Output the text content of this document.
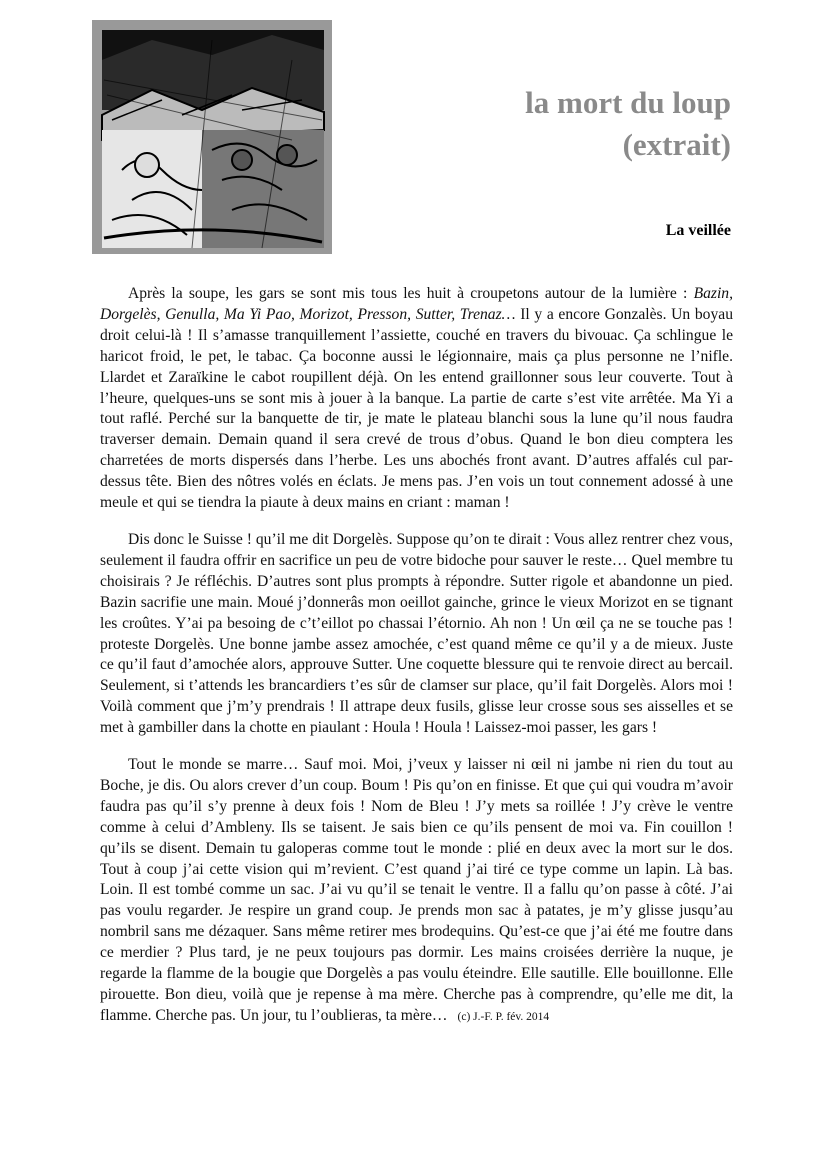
la mort du loup
(extrait)
La veillée

Après la soupe, les gars se sont mis tous les huit à croupetons autour de la lumière : Bazin, Dorgelès, Genulla, Ma Yi Pao, Morizot, Presson, Sutter, Trenaz… Il y a encore Gonzalès. Un boyau droit celui-là ! Il s’amasse tranquillement l’assiette, couché en travers du bivouac. Ça schlingue le haricot froid, le pet, le tabac. Ça boconne aussi le légionnaire, mais ça plus personne ne l’nifle. Llardet et Zaraïkine le cabot roupillent déjà. On les entend graillonner sous leur couverte. Tout à l’heure, quelques-uns se sont mis à jouer à la banque. La partie de carte s’est vite arrêtée. Ma Yi a tout raflé. Perché sur la banquette de tir, je mate le plateau blanchi sous la lune qu’il nous faudra traverser demain. Demain quand il sera crevé de trous d’obus. Quand le bon dieu comptera les charretées de morts dispersés dans l’herbe. Les uns abochés front avant. D’autres affalés cul par-dessus tête. Bien des nôtres volés en éclats. Je mens pas. J’en vois un tout connement adossé à une meule et qui se tiendra la piaute à deux mains en criant : maman !

Dis donc le Suisse ! qu’il me dit Dorgelès. Suppose qu’on te dirait : Vous allez rentrer chez vous, seulement il faudra offrir en sacrifice un peu de votre bidoche pour sauver le reste… Quel membre tu choisirais ? Je réfléchis. D’autres sont plus prompts à répondre. Sutter rigole et abandonne un pied. Bazin sacrifie une main. Moué j’donnerâs mon oeillot gainche, grince le vieux Morizot en se tignant les croûtes. Y’ai pa besoing de c’t’eillot po chassai l’étornio. Ah non ! Un œil ça ne se touche pas ! proteste Dorgelès. Une bonne jambe assez amochée, c’est quand même ce qu’il y a de mieux. Juste ce qu’il faut d’amochée alors, approuve Sutter. Une coquette blessure qui te renvoie direct au bercail. Seulement, si t’attends les brancardiers t’es sûr de clamser sur place, qu’il fait Dorgelès. Alors moi ! Voilà comment que j’m’y prendrais ! Il attrape deux fusils, glisse leur crosse sous ses aisselles et se met à gambiller dans la chotte en piaulant : Houla ! Houla ! Laissez-moi passer, les gars !

Tout le monde se marre… Sauf moi. Moi, j’veux y laisser ni œil ni jambe ni rien du tout au Boche, je dis. Ou alors crever d’un coup. Boum ! Pis qu’on en finisse. Et que çui qui voudra m’avoir faudra pas qu’il s’y prenne à deux fois ! Nom de Bleu ! J’y mets sa roillée ! J’y crève le ventre comme à celui d’Ambleny. Ils se taisent. Je sais bien ce qu’ils pensent de moi va. Fin couillon ! qu’ils se disent. Demain tu galoperas comme tout le monde : plié en deux avec la mort sur le dos. Tout à coup j’ai cette vision qui m’revient. C’est quand j’ai tiré ce type comme un lapin. Là bas. Loin. Il est tombé comme un sac. J’ai vu qu’il se tenait le ventre. Il a fallu qu’on passe à côté. J’ai pas voulu regarder. Je respire un grand coup. Je prends mon sac à patates, je m’y glisse jusqu’au nombril sans me dézaquer. Sans même retirer mes brodequins. Qu’est-ce que j’ai été me foutre dans ce merdier ? Plus tard, je ne peux toujours pas dormir. Les mains croisées derrière la nuque, je regarde la flamme de la bougie que Dorgelès a pas voulu éteindre. Elle sautille. Elle bouillonne. Elle pirouette. Bon dieu, voilà que je repense à ma mère. Cherche pas à comprendre, qu’elle me dit, la flamme. Cherche pas. Un jour, tu l’oublieras, ta mère… (c) J.-F. P. fév. 2014
